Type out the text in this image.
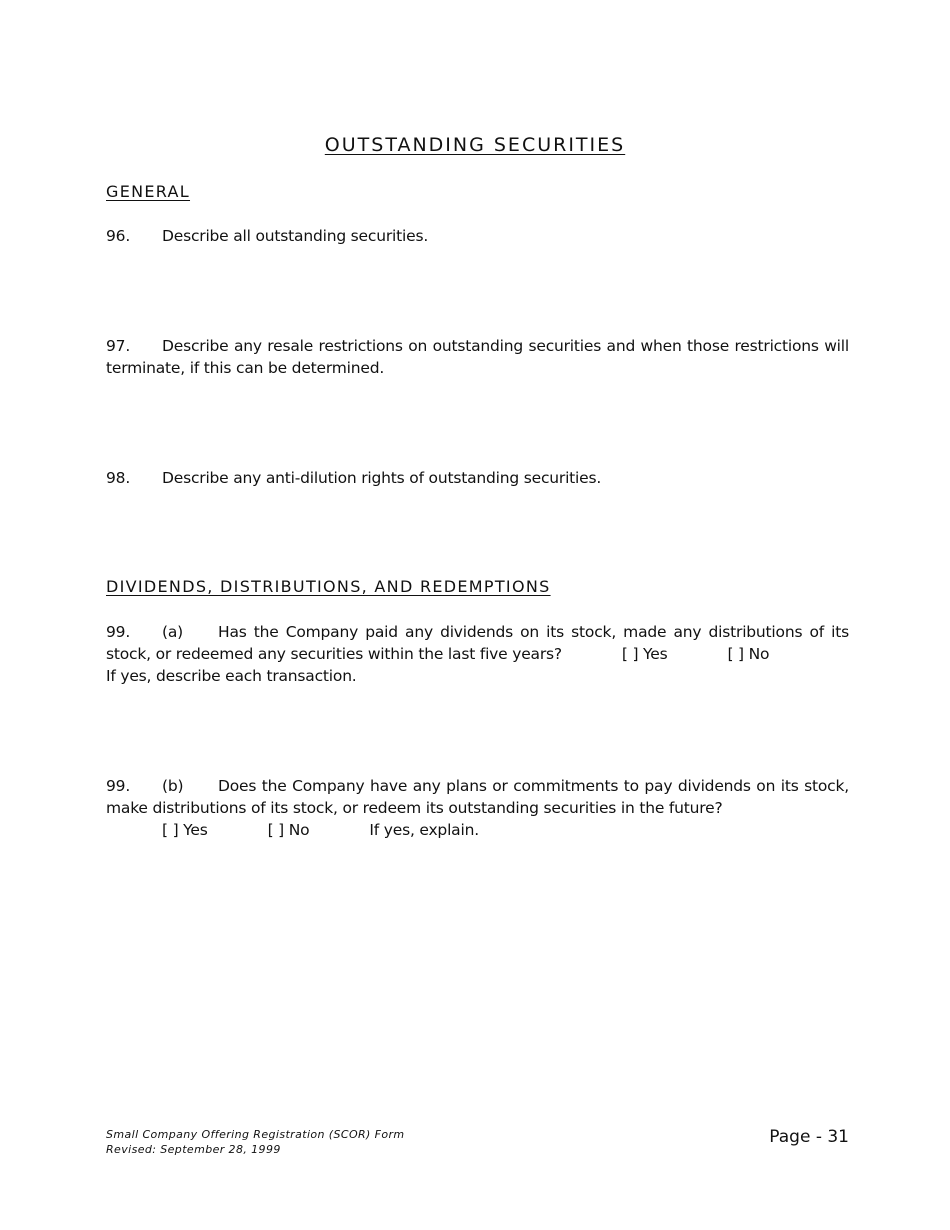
OUTSTANDING SECURITIES
GENERAL
96. Describe all outstanding securities.
97. Describe any resale restrictions on outstanding securities and when those restrictions will terminate, if this can be determined.
98. Describe any anti-dilution rights of outstanding securities.
DIVIDENDS, DISTRIBUTIONS, AND REDEMPTIONS
99. (a) Has the Company paid any dividends on its stock, made any distributions of its
stock, or redeemed any securities within the last five years?	[ ] Yes	[ ] No
If yes, describe each transaction.
99. (b) Does the Company have any plans or commitments to pay dividends on its stock,
make distributions of its stock, or redeem its outstanding securities in the future?
[ ] Yes	[ ] No	If yes, explain.
Small Company Offering Registration (SCOR) Form
Revised: September 28, 1999
Page - 31
